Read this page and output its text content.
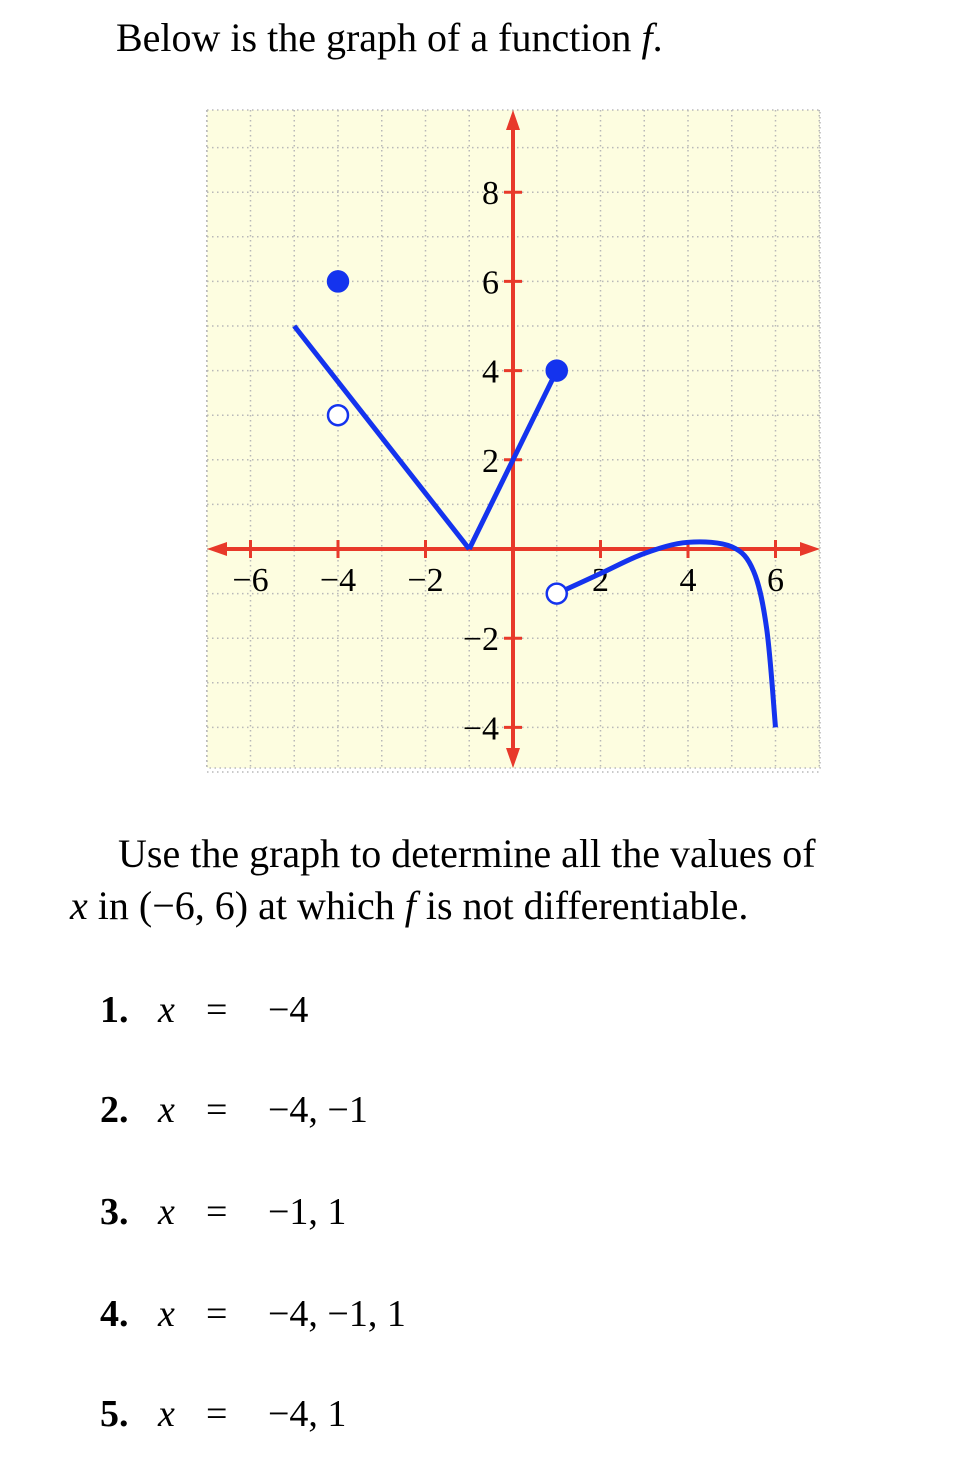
Below is the graph of a function f.
−6 −4 −2	2 4 6
−4
−2
2
4
6
8
Use the graph to determine all the values of
x in (−6, 6) at which f is not differentiable.
1. x = −4
2. x = −4, −1
3. x = −1, 1
4. x = −4, −1, 1
5. x = −4, 1
